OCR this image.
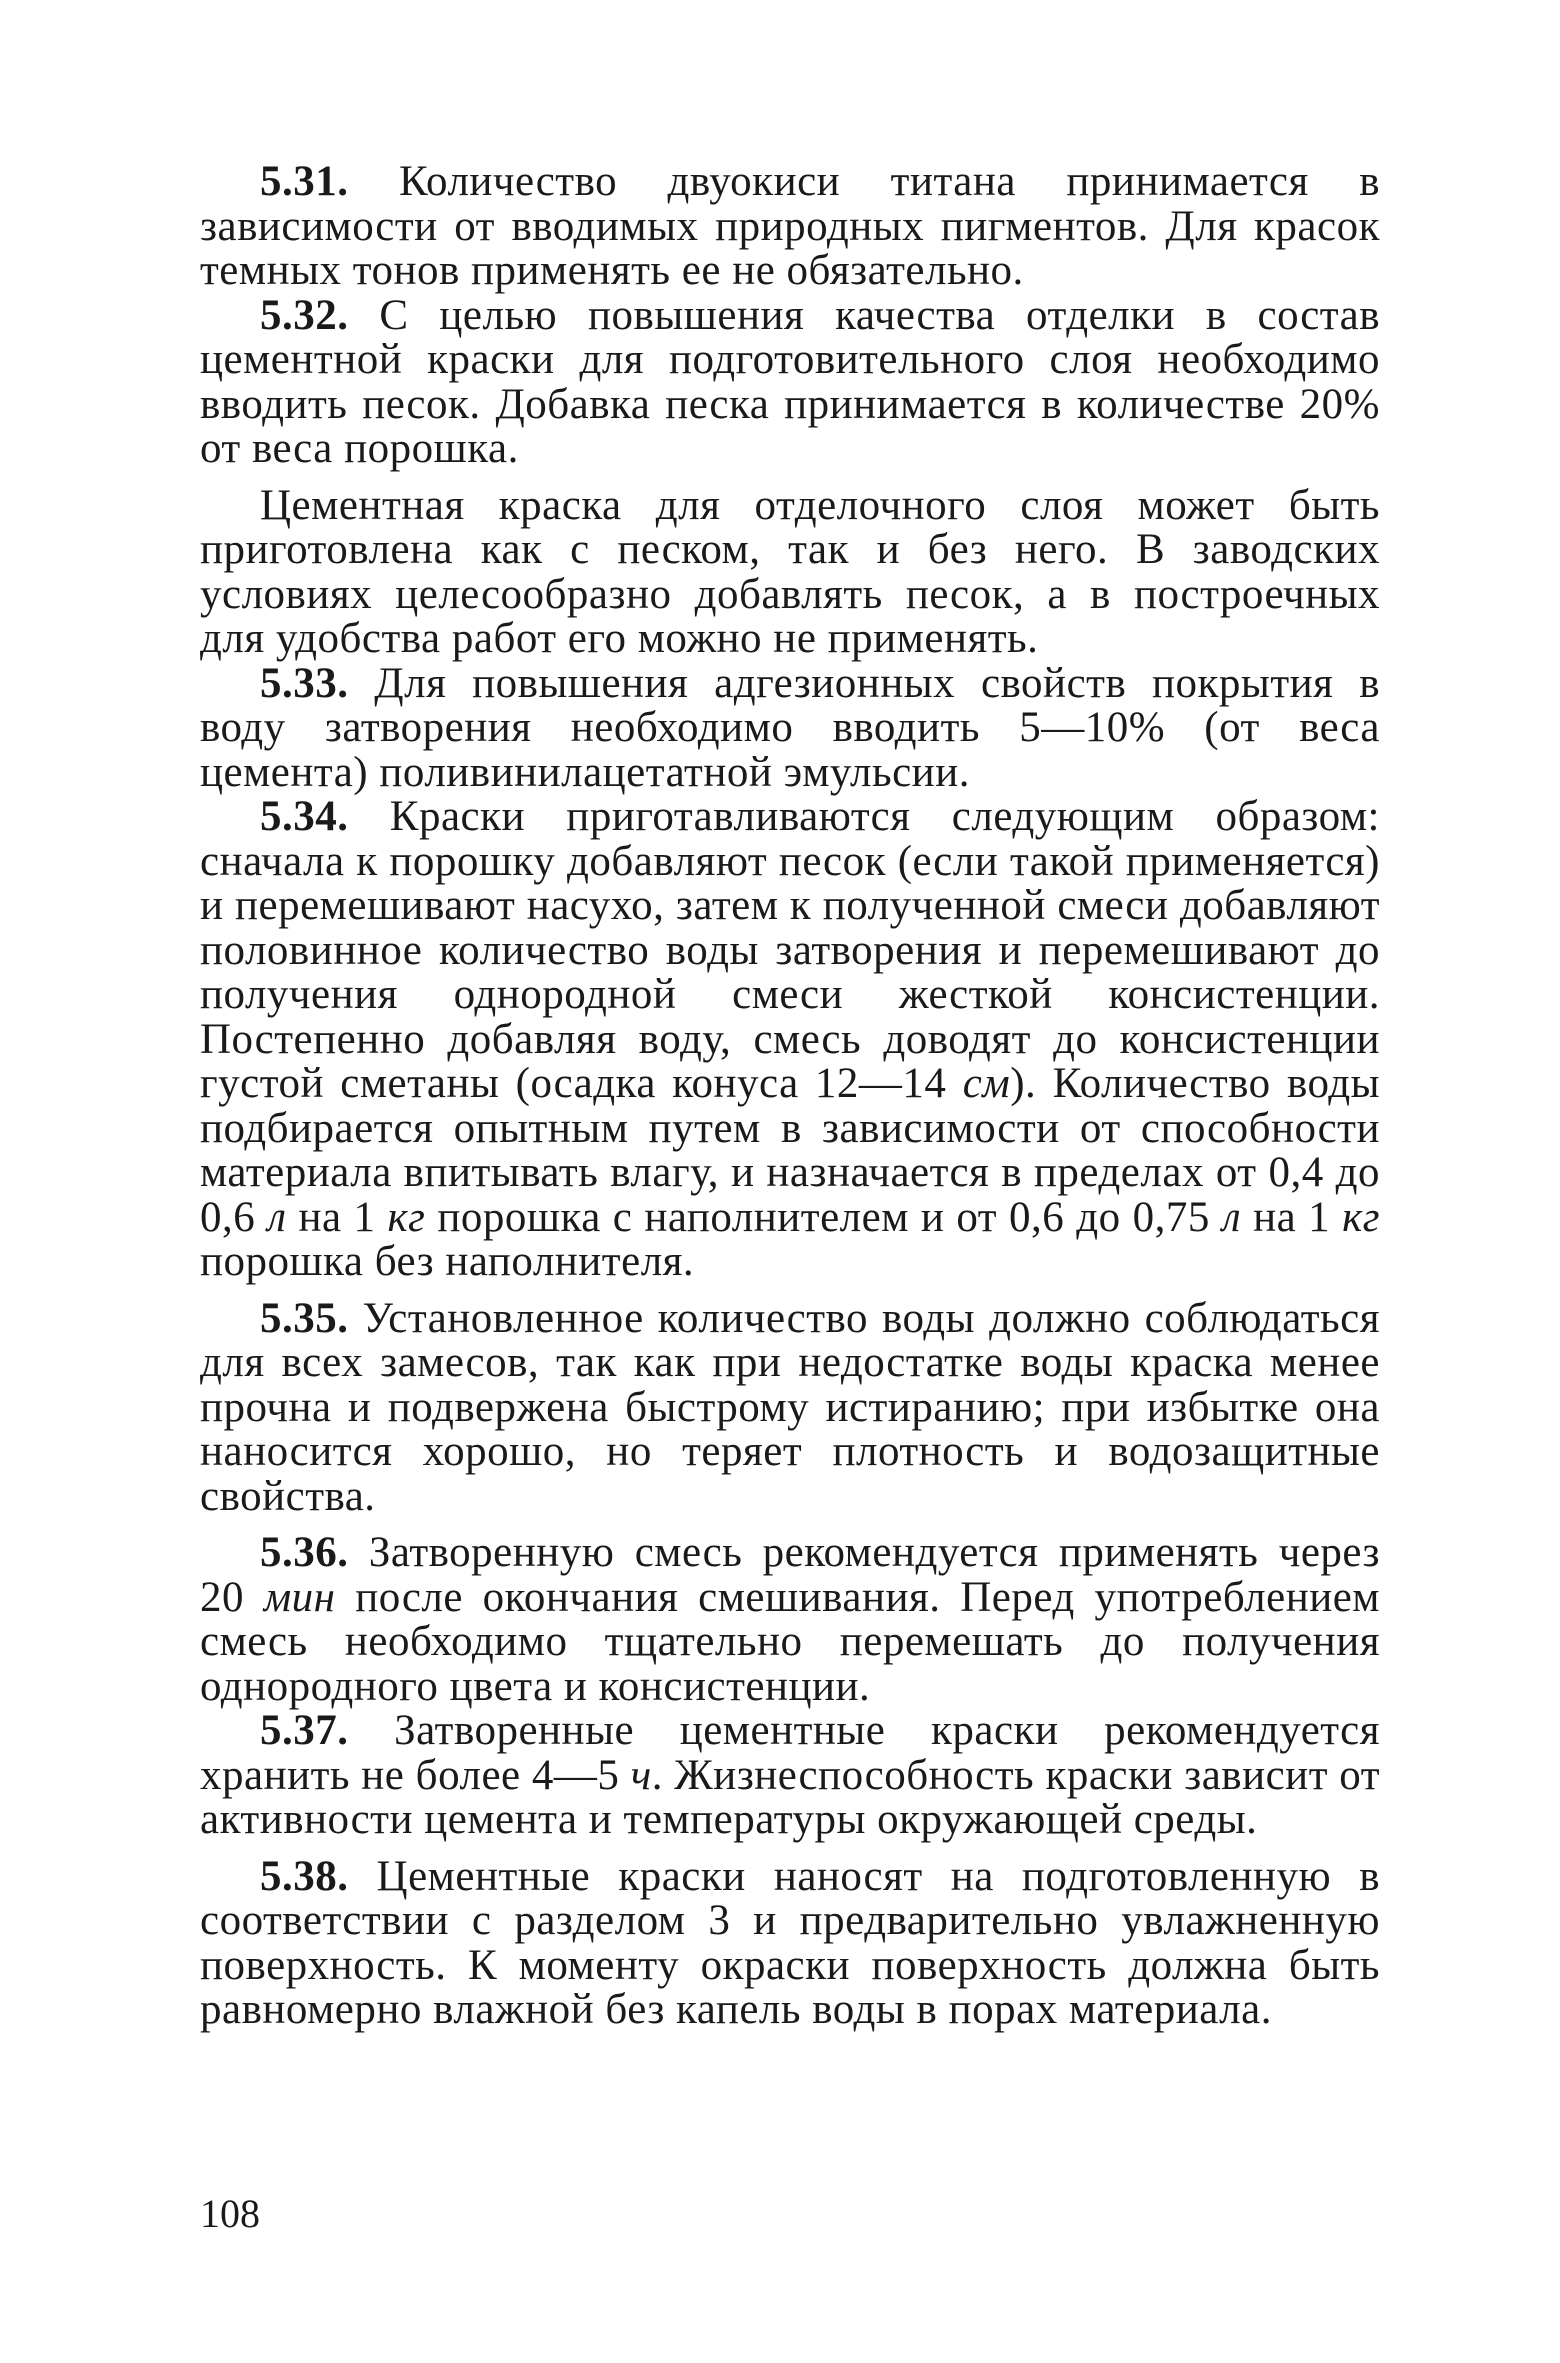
5.31. Количество двуокиси титана принимается в зависимости от вводимых природных пигментов. Для красок темных тонов применять ее не обязательно.

5.32. С целью повышения качества отделки в состав цементной краски для подготовительного слоя необходимо вводить песок. Добавка песка принимается в количестве 20% от веса порошка.

Цементная краска для отделочного слоя может быть приготовлена как с песком, так и без него. В заводских условиях целесообразно добавлять песок, а в построечных для удобства работ его можно не применять.

5.33. Для повышения адгезионных свойств покрытия в воду затворения необходимо вводить 5—10% (от веса цемента) поливинилацетатной эмульсии.

5.34. Краски приготавливаются следующим образом: сначала к порошку добавляют песок (если такой применяется) и перемешивают насухо, затем к полученной смеси добавляют половинное количество воды затворения и перемешивают до получения однородной смеси жесткой консистенции. Постепенно добавляя воду, смесь доводят до консистенции густой сметаны (осадка конуса 12—14 см). Количество воды подбирается опытным путем в зависимости от способности материала впитывать влагу, и назначается в пределах от 0,4 до 0,6 л на 1 кг порошка с наполнителем и от 0,6 до 0,75 л на 1 кг порошка без наполнителя.

5.35. Установленное количество воды должно соблюдаться для всех замесов, так как при недостатке воды краска менее прочна и подвержена быстрому истиранию; при избытке она наносится хорошо, но теряет плотность и водозащитные свойства.

5.36. Затворенную смесь рекомендуется применять через 20 мин после окончания смешивания. Перед употреблением смесь необходимо тщательно перемешать до получения однородного цвета и консистенции.

5.37. Затворенные цементные краски рекомендуется хранить не более 4—5 ч. Жизнеспособность краски зависит от активности цемента и температуры окружающей среды.

5.38. Цементные краски наносят на подготовленную в соответствии с разделом 3 и предварительно увлажненную поверхность. К моменту окраски поверхность должна быть равномерно влажной без капель воды в порах материала.

108
